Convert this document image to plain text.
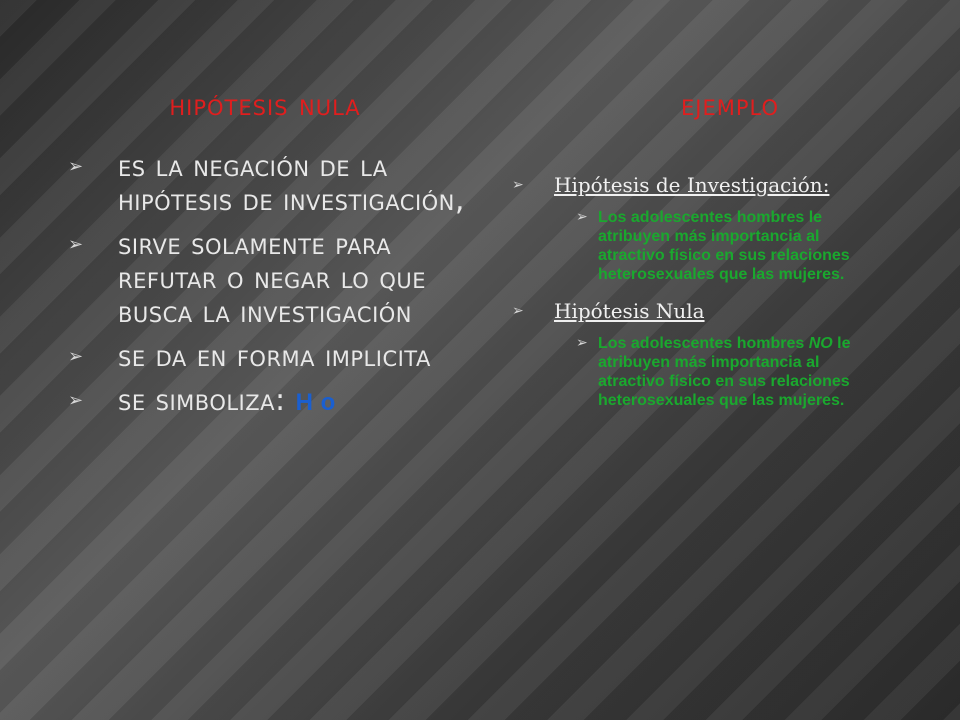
hipótesis nula	ejemplo
➢ es la negación de la hipótesis de investigación,
➢ sirve solamente para refutar o negar lo que busca la investigación
➢ se da en forma implicita
➢ se simboliza: H o
➢ Hipótesis de Investigación:
➢ Los adolescentes hombres le atribuyen más importancia al atractivo físico en sus relaciones heterosexuales que las mujeres.
➢ Hipótesis Nula
➢ Los adolescentes hombres NO le atribuyen más importancia al atractivo físico en sus relaciones heterosexuales que las mujeres.
